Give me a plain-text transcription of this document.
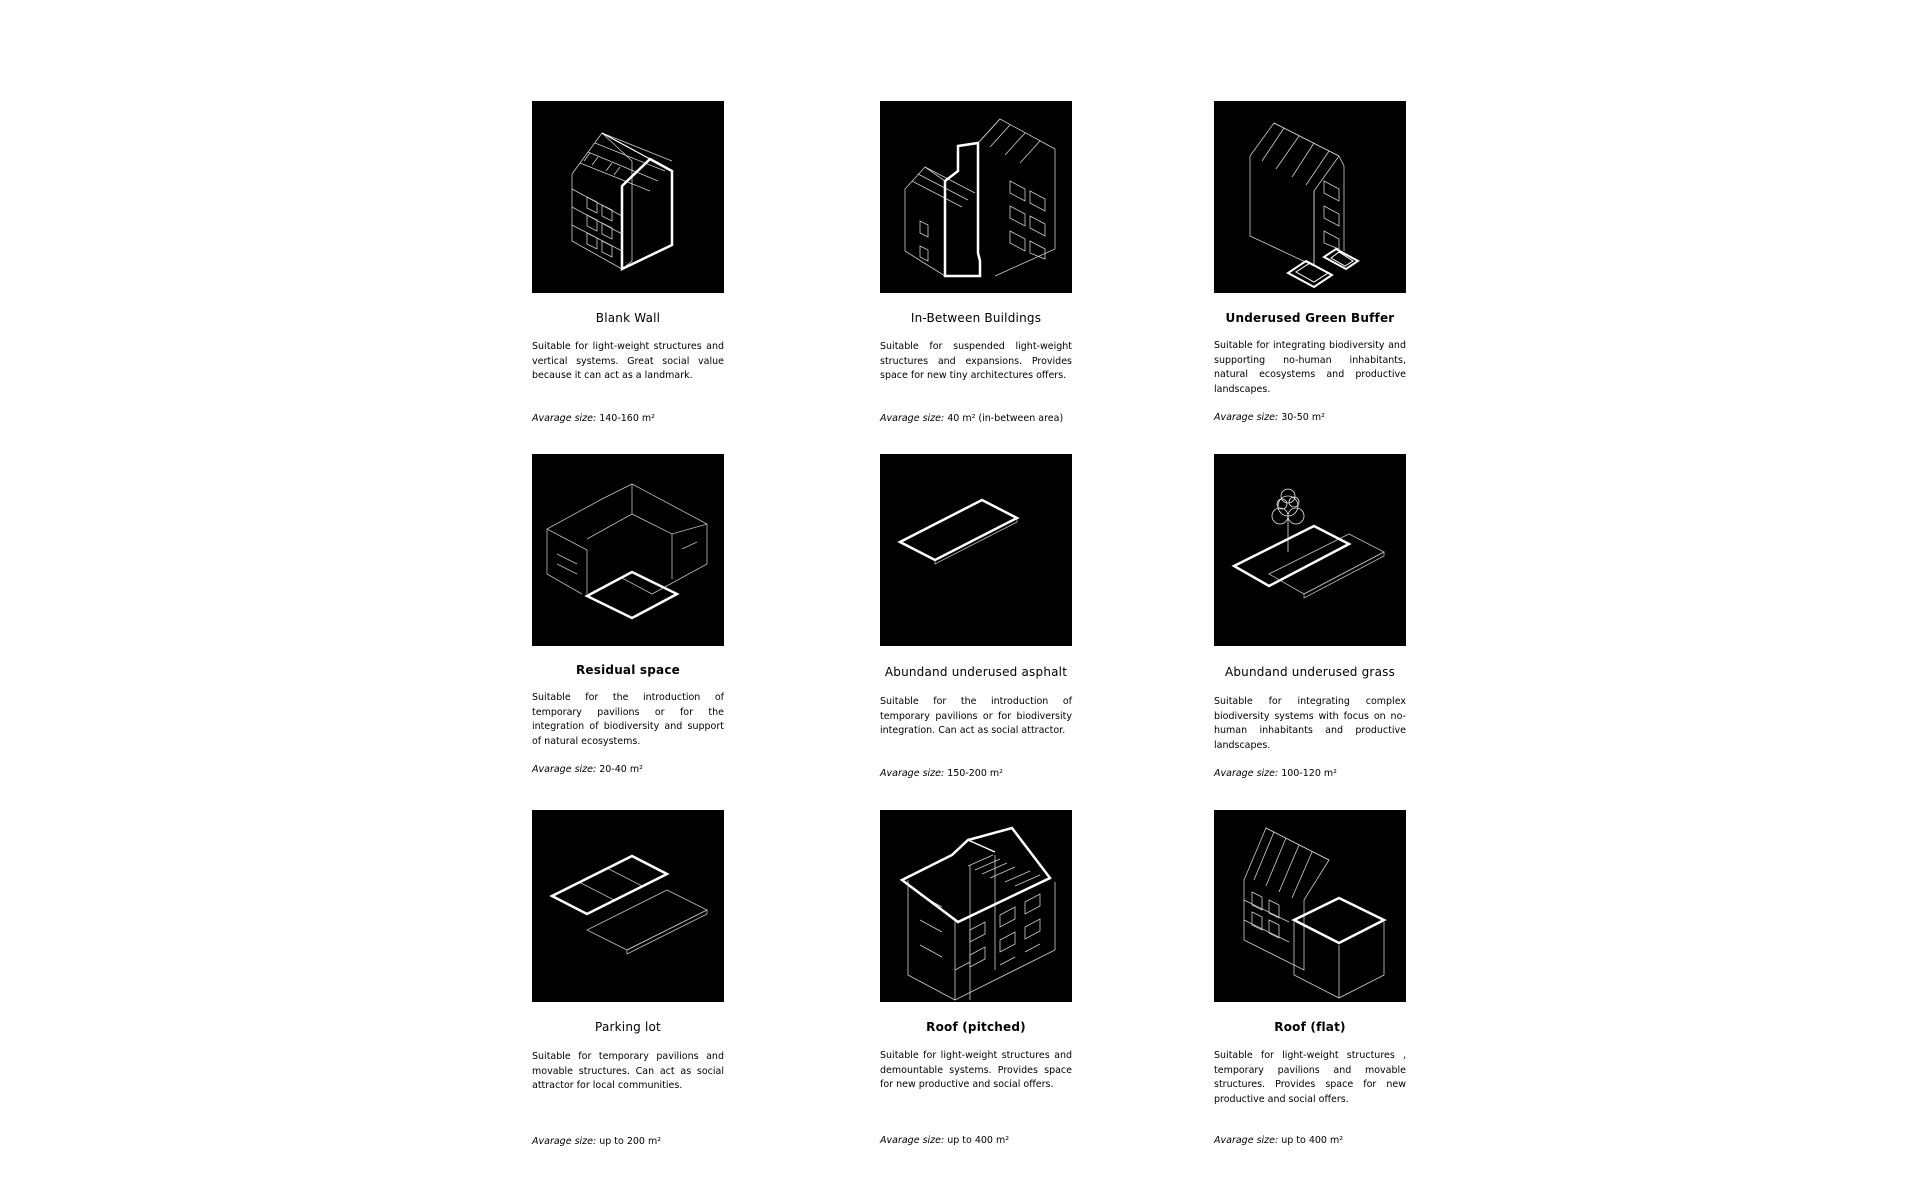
Blank Wall
Suitable for light-weight structures and vertical systems. Great social value because it can act as a landmark.
Avarage size: 140-160 m²
In-Between Buildings
Suitable for suspended light-weight structures and expansions. Provides space for new tiny architectures offers.
Avarage size: 40 m² (in-between area)
Underused Green Buffer
Suitable for integrating biodiversity and supporting no-human inhabitants, natural ecosystems and productive landscapes.
Avarage size: 30-50 m²
Residual space
Suitable for the introduction of temporary pavilions or for the integration of biodiversity and support of natural ecosystems.
Avarage size: 20-40 m²
Abundand underused asphalt
Suitable for the introduction of temporary pavilions or for biodiversity integration. Can act as social attractor.
Avarage size: 150-200 m²
Abundand underused grass
Suitable for integrating complex biodiversity systems with focus on no-human inhabitants and productive landscapes.
Avarage size: 100-120 m²
Parking lot
Suitable for temporary pavilions and movable structures. Can act as social attractor for local communities.
Avarage size: up to 200 m²
Roof (pitched)
Suitable for light-weight structures and demountable systems. Provides space for new productive and social offers.
Avarage size: up to 400 m²
Roof (flat)
Suitable for light-weight structures , temporary pavilions and movable structures. Provides space for new productive and social offers.
Avarage size: up to 400 m²
